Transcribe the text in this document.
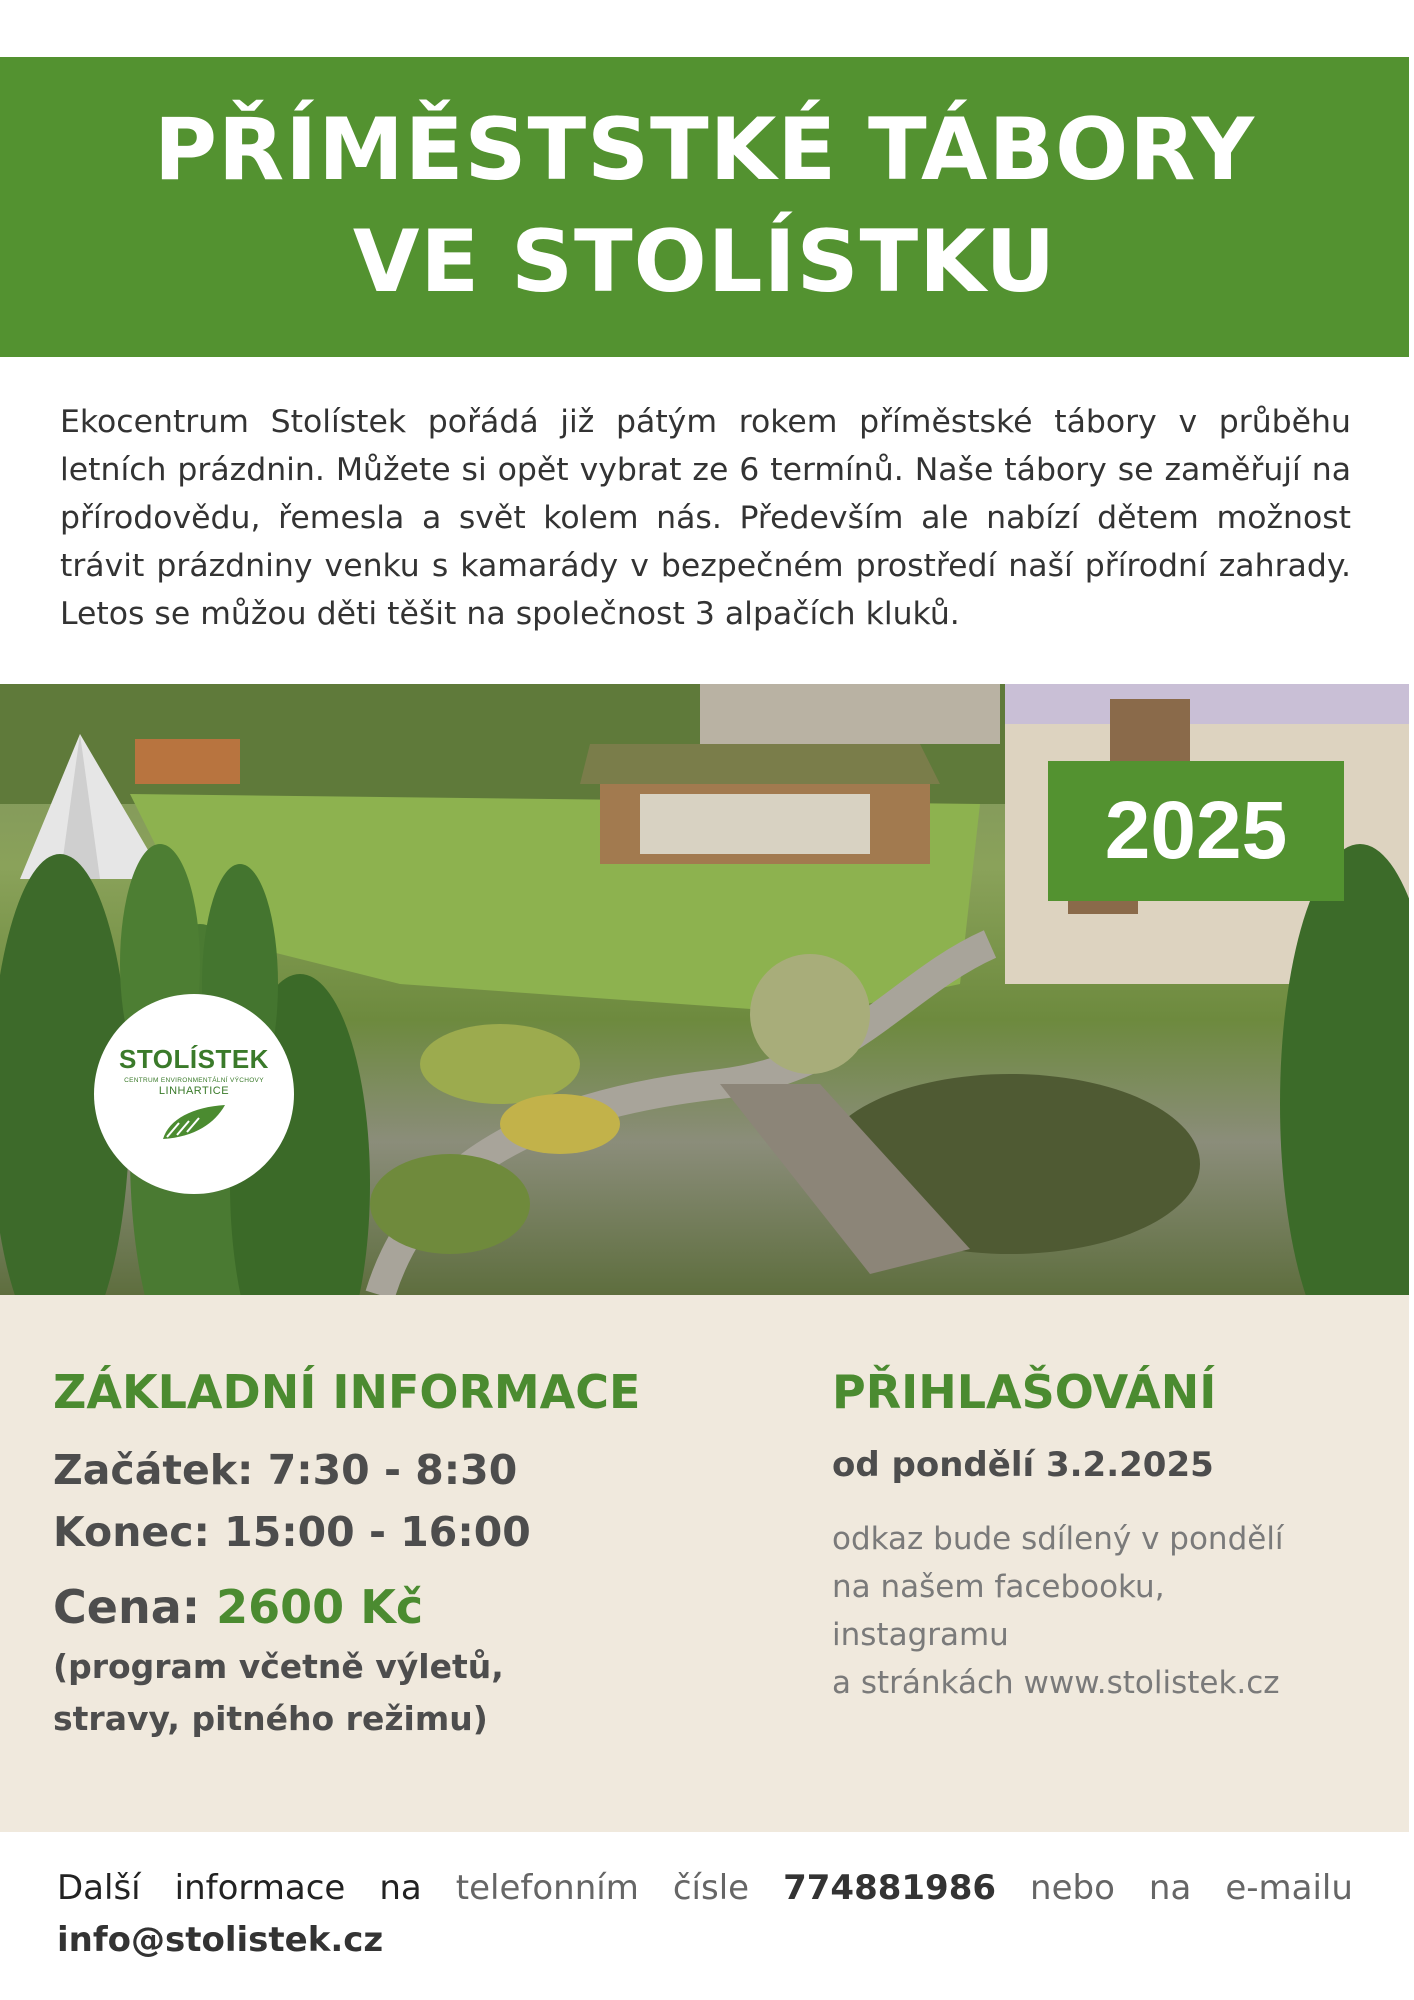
PŘÍMĚSTSTKÉ TÁBORY
VE STOLÍSTKU
Ekocentrum Stolístek pořádá již pátým rokem příměstské tábory v průběhu letních prázdnin. Můžete si opět vybrat ze 6 termínů. Naše tábory se zaměřují na přírodovědu, řemesla a svět kolem nás. Především ale nabízí dětem možnost trávit prázdniny venku s kamarády v bezpečném prostředí naší přírodní zahrady. Letos se můžou děti těšit na společnost 3 alpačích kluků.
2025
STOLÍSTEK
CENTRUM ENVIRONMENTÁLNÍ VÝCHOVY
LINHARTICE
ZÁKLADNÍ INFORMACE
Začátek: 7:30 - 8:30
Konec: 15:00 - 16:00
Cena: 2600 Kč
(program včetně výletů,
stravy, pitného režimu)
PŘIHLAŠOVÁNÍ
od pondělí 3.2.2025
odkaz bude sdílený v pondělí
na našem facebooku,
instagramu
a stránkách www.stolistek.cz
Další informace na telefonním čísle 774881986 nebo na e-mailu
info@stolistek.cz
